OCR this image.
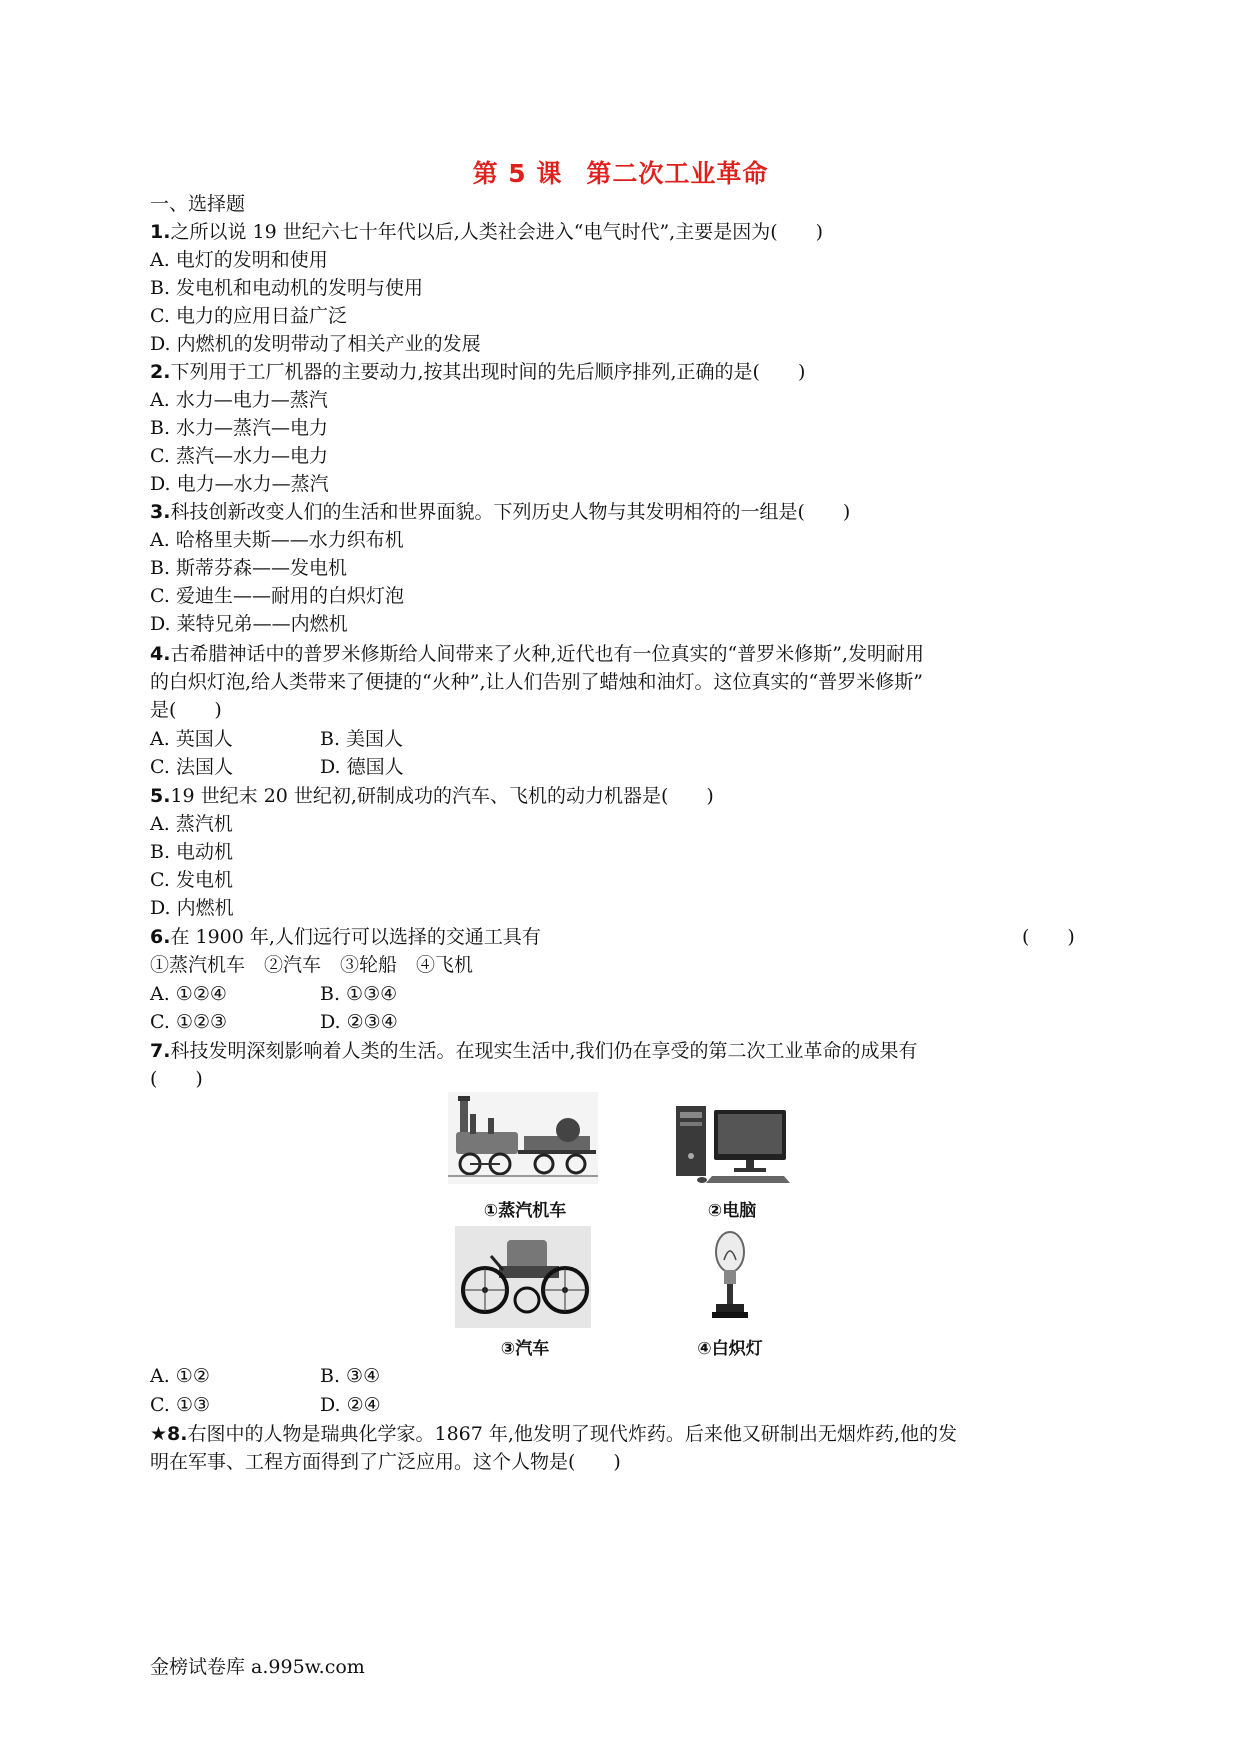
第 5 课 第二次工业革命
一、选择题
1.之所以说 19 世纪六七十年代以后,人类社会进入“电气时代”,主要是因为(　　)
A. 电灯的发明和使用
B. 发电机和电动机的发明与使用
C. 电力的应用日益广泛
D. 内燃机的发明带动了相关产业的发展
2.下列用于工厂机器的主要动力,按其出现时间的先后顺序排列,正确的是(　　)
A. 水力—电力—蒸汽
B. 水力—蒸汽—电力
C. 蒸汽—水力—电力
D. 电力—水力—蒸汽
3.科技创新改变人们的生活和世界面貌。下列历史人物与其发明相符的一组是(　　)
A. 哈格里夫斯——水力织布机
B. 斯蒂芬森——发电机
C. 爱迪生——耐用的白炽灯泡
D. 莱特兄弟——内燃机
4.古希腊神话中的普罗米修斯给人间带来了火种,近代也有一位真实的“普罗米修斯”,发明耐用
的白炽灯泡,给人类带来了便捷的“火种”,让人们告别了蜡烛和油灯。这位真实的“普罗米修斯”
是(　　)
A. 英国人	B. 美国人
C. 法国人	D. 德国人
5.19 世纪末 20 世纪初,研制成功的汽车、飞机的动力机器是(　　)
A. 蒸汽机
B. 电动机
C. 发电机
D. 内燃机
6.在 1900 年,人们远行可以选择的交通工具有	(　　)
①蒸汽机车　②汽车　③轮船　④飞机
A. ①②④	B. ①③④
C. ①②③	D. ②③④
7.科技发明深刻影响着人类的生活。在现实生活中,我们仍在享受的第二次工业革命的成果有
(　　)
①蒸汽机车	②电脑
③汽车	④白炽灯
A. ①②	B. ③④
C. ①③	D. ②④
★8.右图中的人物是瑞典化学家。1867 年,他发明了现代炸药。后来他又研制出无烟炸药,他的发
明在军事、工程方面得到了广泛应用。这个人物是(　　)
金榜试卷库 a.995w.com
